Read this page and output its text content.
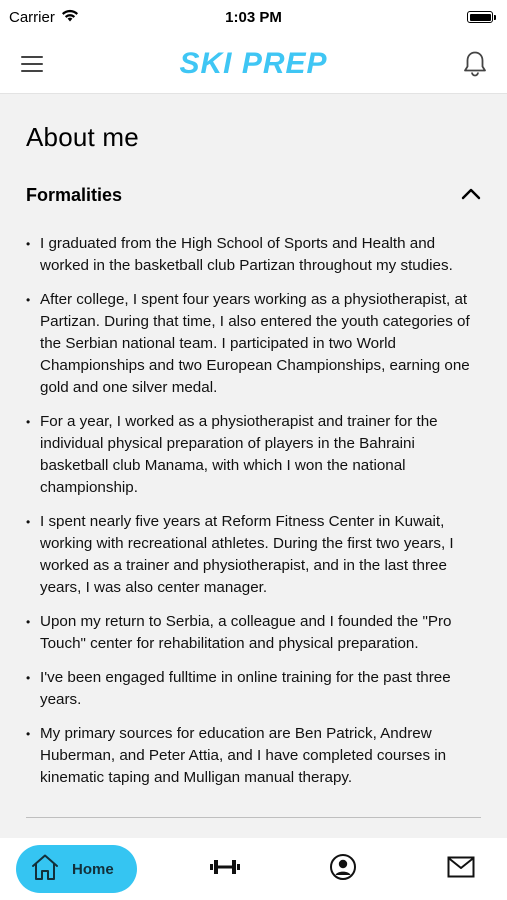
Carrier	1:03 PM
SKI PREP
About me
Formalities
• I graduated from the High School of Sports and Health and worked in the basketball club Partizan throughout my studies.
• After college, I spent four years working as a physiotherapist, at Partizan. During that time, I also entered the youth categories of the Serbian national team. I participated in two World Championships and two European Championships, earning one gold and one silver medal.
• For a year, I worked as a physiotherapist and trainer for the individual physical preparation of players in the Bahraini basketball club Manama, with which I won the national championship.
• I spent nearly five years at Reform Fitness Center in Kuwait, working with recreational athletes. During the first two years, I worked as a trainer and physiotherapist, and in the last three years, I was also center manager.
• Upon my return to Serbia, a colleague and I founded the "Pro Touch" center for rehabilitation and physical preparation.
• I've been engaged fulltime in online training for the past three years.
• My primary sources for education are Ben Patrick, Andrew Huberman, and Peter Attia, and I have completed courses in kinematic taping and Mulligan manual therapy.
Home
